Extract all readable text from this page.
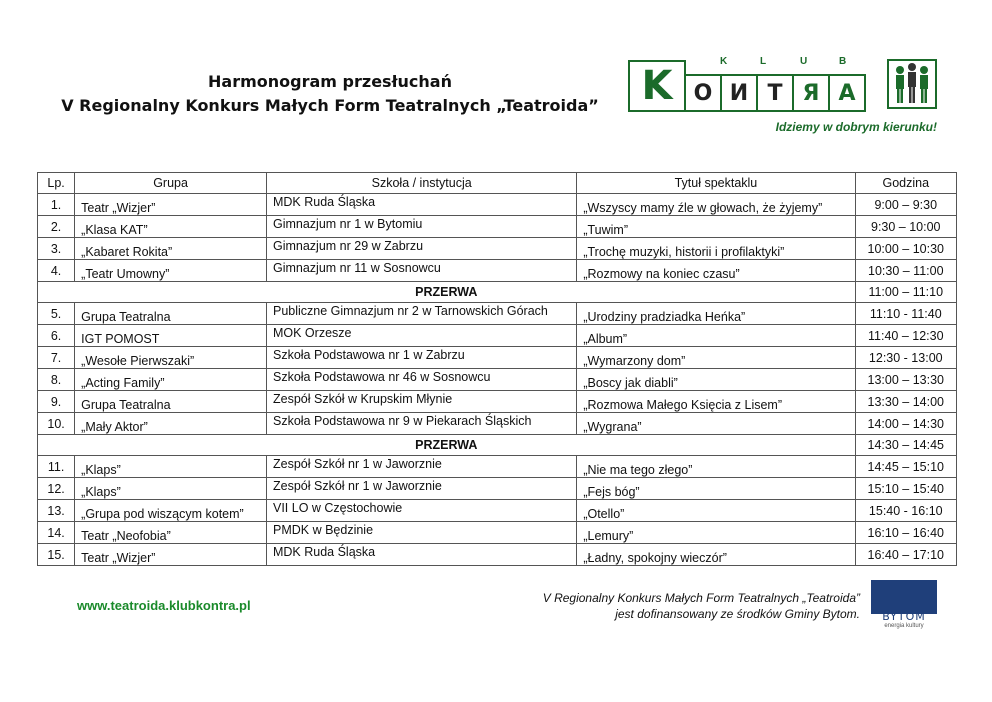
Harmonogram przesłuchań
V Regionalny Konkurs Małych Form Teatralnych „Teatroida”
K	L	U	B
K О И Т Я А
Idziemy w dobrym kierunku!
Lp.	Grupa	Szkoła / instytucja	Tytuł spektaklu	Godzina
1.	Teatr „Wizjer”	MDK Ruda Śląska	„Wszyscy mamy źle w głowach, że żyjemy”	9:00 – 9:30
2.	„Klasa KAT”	Gimnazjum nr 1 w Bytomiu	„Tuwim”	9:30 – 10:00
3.	„Kabaret Rokita”	Gimnazjum nr 29 w Zabrzu	„Trochę muzyki, historii i profilaktyki”	10:00 – 10:30
4.	„Teatr Umowny”	Gimnazjum nr 11 w Sosnowcu	„Rozmowy na koniec czasu”	10:30 – 11:00
PRZERWA				11:00 – 11:10
5.	Grupa Teatralna	Publiczne Gimnazjum nr 2 w Tarnowskich Górach	„Urodziny pradziadka Heńka”	11:10 - 11:40
6.	IGT POMOST	MOK Orzesze	„Album”	11:40 – 12:30
7.	„Wesołe Pierwszaki”	Szkoła Podstawowa nr 1 w Zabrzu	„Wymarzony dom”	12:30 - 13:00
8.	„Acting Family”	Szkoła Podstawowa nr 46 w Sosnowcu	„Boscy jak diabli”	13:00 – 13:30
9.	Grupa Teatralna	Zespół Szkół w Krupskim Młynie	„Rozmowa Małego Księcia z Lisem”	13:30 – 14:00
10.	„Mały Aktor”	Szkoła Podstawowa nr 9 w Piekarach Śląskich	„Wygrana”	14:00 – 14:30
PRZERWA				14:30 – 14:45
11.	„Klaps”	Zespół Szkół nr 1 w Jaworznie	„Nie ma tego złego”	14:45 – 15:10
12.	„Klaps”	Zespół Szkół nr 1 w Jaworznie	„Fejs bóg”	15:10 – 15:40
13.	„Grupa pod wiszącym kotem”	VII LO w Częstochowie	„Otello”	15:40 - 16:10
14.	Teatr „Neofobia”	PMDK w Będzinie	„Lemury”	16:10 – 16:40
15.	Teatr „Wizjer”	MDK Ruda Śląska	„Ładny, spokojny wieczór”	16:40 – 17:10
www.teatroida.klubkontra.pl	V Regionalny Konkurs Małych Form Teatralnych „Teatroida”
jest dofinansowany ze środków Gminy Bytom.	BYTOM
energia kultury
